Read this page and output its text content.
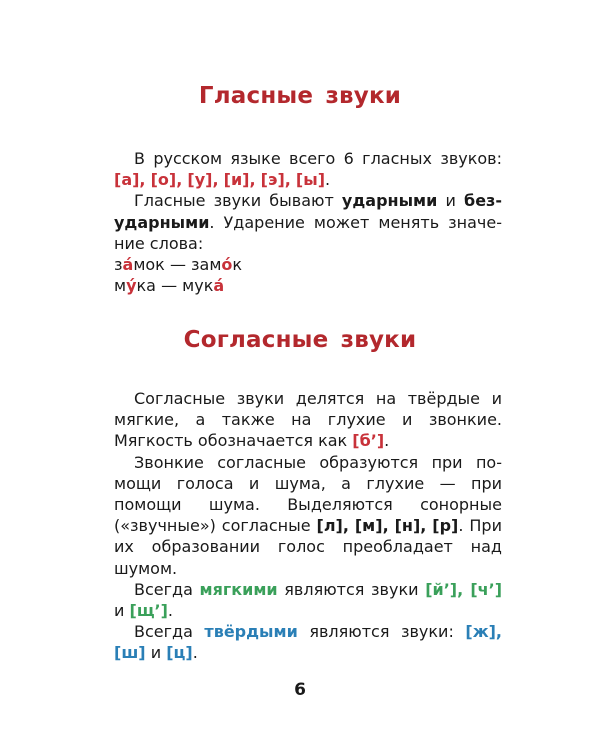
Гласные звуки

В русском языке всего 6 гласных звуков: [а], [о], [у], [и], [э], [ы].

Гласные звуки бывают ударными и без-ударными. Ударение может менять значе-ние слова:

за́мок — замо́к

му́ка — мука́

Согласные звуки

Согласные звуки делятся на твёрдые и мягкие, а также на глухие и звонкие. Мягкость обозначается как [б’].

Звонкие согласные образуются при по-мощи голоса и шума, а глухие — при помощи шума. Выделяются сонорные («звучные») согласные [л], [м], [н], [р]. При их образовании голос преобладает над шумом.

Всегда мягкими являются звуки [й’], [ч’] и [щ’].

Всегда твёрдыми являются звуки: [ж], [ш] и [ц].

6
